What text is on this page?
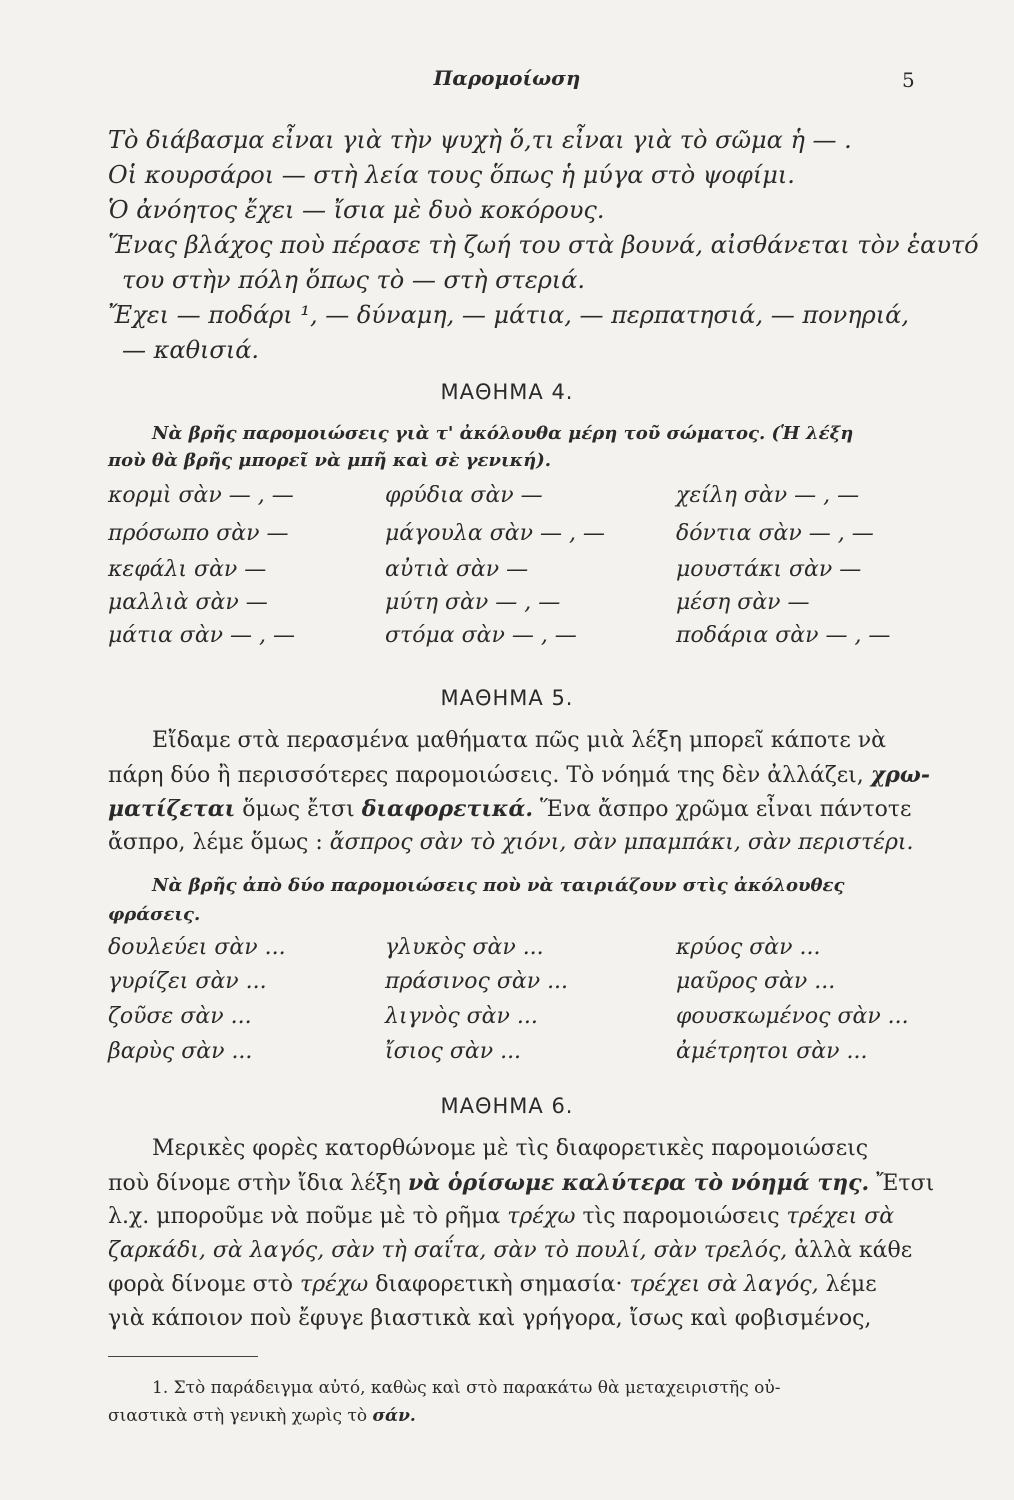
Παρομοίωση	5
Τὸ διάβασμα εἶναι γιὰ τὴν ψυχὴ ὅ,τι εἶναι γιὰ τὸ σῶμα ἡ — .
Οἱ κουρσάροι — στὴ λεία τους ὅπως ἡ μύγα στὸ ψοφίμι.
Ὁ ἀνόητος ἔχει — ἴσια μὲ δυὸ κοκόρους.
Ἕνας βλάχος ποὺ πέρασε τὴ ζωή του στὰ βουνά, αἰσθάνεται τὸν ἑαυτό
του στὴν πόλη ὅπως τὸ — στὴ στεριά.
Ἔχει — ποδάρι ¹, — δύναμη, — μάτια, — περπατησιά, — πονηριά,
— καθισιά.
ΜΑΘΗΜΑ 4.
Νὰ βρῆς παρομοιώσεις γιὰ τ' ἀκόλουθα μέρη τοῦ σώματος. (Ἡ λέξη
ποὺ θὰ βρῆς μπορεῖ νὰ μπῆ καὶ σὲ γενική).
κορμὶ σὰν — , —	φρύδια σὰν —	χείλη σὰν — , —
πρόσωπο σὰν —	μάγουλα σὰν — , —	δόντια σὰν — , —
κεφάλι σὰν —	αὐτιὰ σὰν —	μουστάκι σὰν —
μαλλιὰ σὰν —	μύτη σὰν — , —	μέση σὰν —
μάτια σὰν — , —	στόμα σὰν — , —	ποδάρια σὰν — , —
ΜΑΘΗΜΑ 5.
Εἴδαμε στὰ περασμένα μαθήματα πῶς μιὰ λέξη μπορεῖ κάποτε νὰ
πάρη δύο ἢ περισσότερες παρομοιώσεις. Τὸ νόημά της δὲν ἀλλάζει, χρω-
ματίζεται ὅμως ἔτσι διαφορετικά. Ἕνα ἄσπρο χρῶμα εἶναι πάντοτε
ἄσπρο, λέμε ὅμως : ἄσπρος σὰν τὸ χιόνι, σὰν μπαμπάκι, σὰν περιστέρι.
Νὰ βρῆς ἀπὸ δύο παρομοιώσεις ποὺ νὰ ταιριάζουν στὶς ἀκόλουθες
φράσεις.
δουλεύει σὰν ...	γλυκὸς σὰν ...	κρύος σὰν ...
γυρίζει σὰν ...	πράσινος σὰν ...	μαῦρος σὰν ...
ζοῦσε σὰν ...	λιγνὸς σὰν ...	φουσκωμένος σὰν ...
βαρὺς σὰν ...	ἴσιος σὰν ...	ἀμέτρητοι σὰν ...
ΜΑΘΗΜΑ 6.
Μερικὲς φορὲς κατορθώνομε μὲ τὶς διαφορετικὲς παρομοιώσεις
ποὺ δίνομε στὴν ἴδια λέξη νὰ ὁρίσωμε καλύτερα τὸ νόημά της. Ἔτσι
λ.χ. μποροῦμε νὰ ποῦμε μὲ τὸ ρῆμα τρέχω τὶς παρομοιώσεις τρέχει σὰ
ζαρκάδι, σὰ λαγός, σὰν τὴ σαΐτα, σὰν τὸ πουλί, σὰν τρελός, ἀλλὰ κάθε
φορὰ δίνομε στὸ τρέχω διαφορετικὴ σημασία· τρέχει σὰ λαγός, λέμε
γιὰ κάποιον ποὺ ἔφυγε βιαστικὰ καὶ γρήγορα, ἴσως καὶ φοβισμένος,
1. Στὸ παράδειγμα αὐτό, καθὼς καὶ στὸ παρακάτω θὰ μεταχειριστῆς οὐ-
σιαστικὰ στὴ γενικὴ χωρὶς τὸ σάν.
